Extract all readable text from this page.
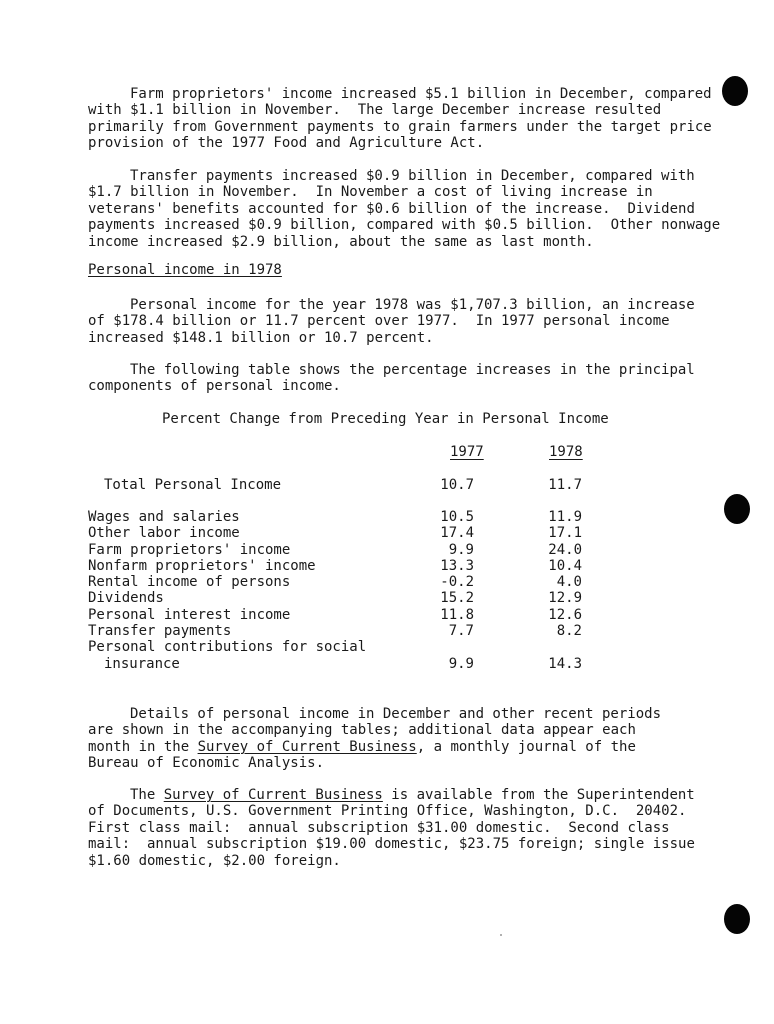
Farm proprietors' income increased $5.1 billion in December, compared
with $1.1 billion in November.  The large December increase resulted
primarily from Government payments to grain farmers under the target price
provision of the 1977 Food and Agriculture Act.

Transfer payments increased $0.9 billion in December, compared with
$1.7 billion in November.  In November a cost of living increase in
veterans' benefits accounted for $0.6 billion of the increase.  Dividend
payments increased $0.9 billion, compared with $0.5 billion.  Other nonwage
income increased $2.9 billion, about the same as last month.

Personal income in 1978

Personal income for the year 1978 was $1,707.3 billion, an increase
of $178.4 billion or 11.7 percent over 1977.  In 1977 personal income
increased $148.1 billion or 10.7 percent.

The following table shows the percentage increases in the principal
components of personal income.

Percent Change from Preceding Year in Personal Income
1977	1978
Total Personal Income	10.7	11.7
Wages and salaries	10.5	11.9
Other labor income	17.4	17.1
Farm proprietors' income	9.9	24.0
Nonfarm proprietors' income	13.3	10.4
Rental income of persons	-0.2	4.0
Dividends	15.2	12.9
Personal interest income	11.8	12.6
Transfer payments	7.7	8.2
Personal contributions for social
insurance	9.9	14.3

Details of personal income in December and other recent periods
are shown in the accompanying tables; additional data appear each
month in the Survey of Current Business, a monthly journal of the
Bureau of Economic Analysis.

The Survey of Current Business is available from the Superintendent
of Documents, U.S. Government Printing Office, Washington, D.C.  20402.
First class mail:  annual subscription $31.00 domestic.  Second class
mail:  annual subscription $19.00 domestic, $23.75 foreign; single issue
$1.60 domestic, $2.00 foreign.
